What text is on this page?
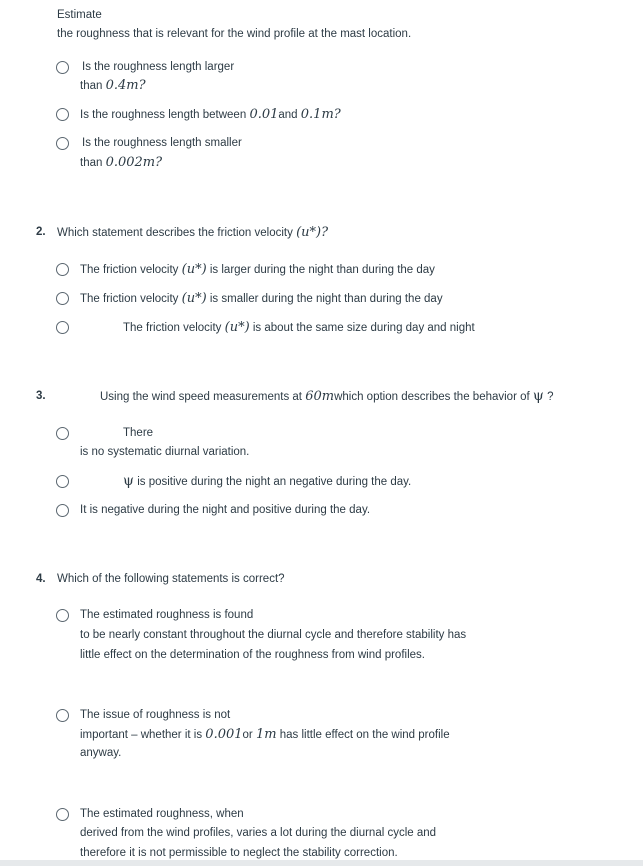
Estimate
the roughness that is relevant for the wind profile at the mast location.
Is the roughness length larger
than 0.4m?
Is the roughness length between 0.01and 0.1m?
Is the roughness length smaller
than 0.002m?
2. Which statement describes the friction velocity (u*)?
The friction velocity (u*) is larger during the night than during the day
The friction velocity (u*) is smaller during the night than during the day
The friction velocity (u*) is about the same size during day and night
3.	Using the wind speed measurements at 60mwhich option describes the behavior of ψ ?
There
is no systematic diurnal variation.
ψ is positive during the night an negative during the day.
It is negative during the night and positive during the day.
4. Which of the following statements is correct?
The estimated roughness is found
to be nearly constant throughout the diurnal cycle and therefore stability has
little effect on the determination of the roughness from wind profiles.
The issue of roughness is not
important – whether it is 0.001or 1m has little effect on the wind profile
anyway.
The estimated roughness, when
derived from the wind profiles, varies a lot during the diurnal cycle and
therefore it is not permissible to neglect the stability correction.
